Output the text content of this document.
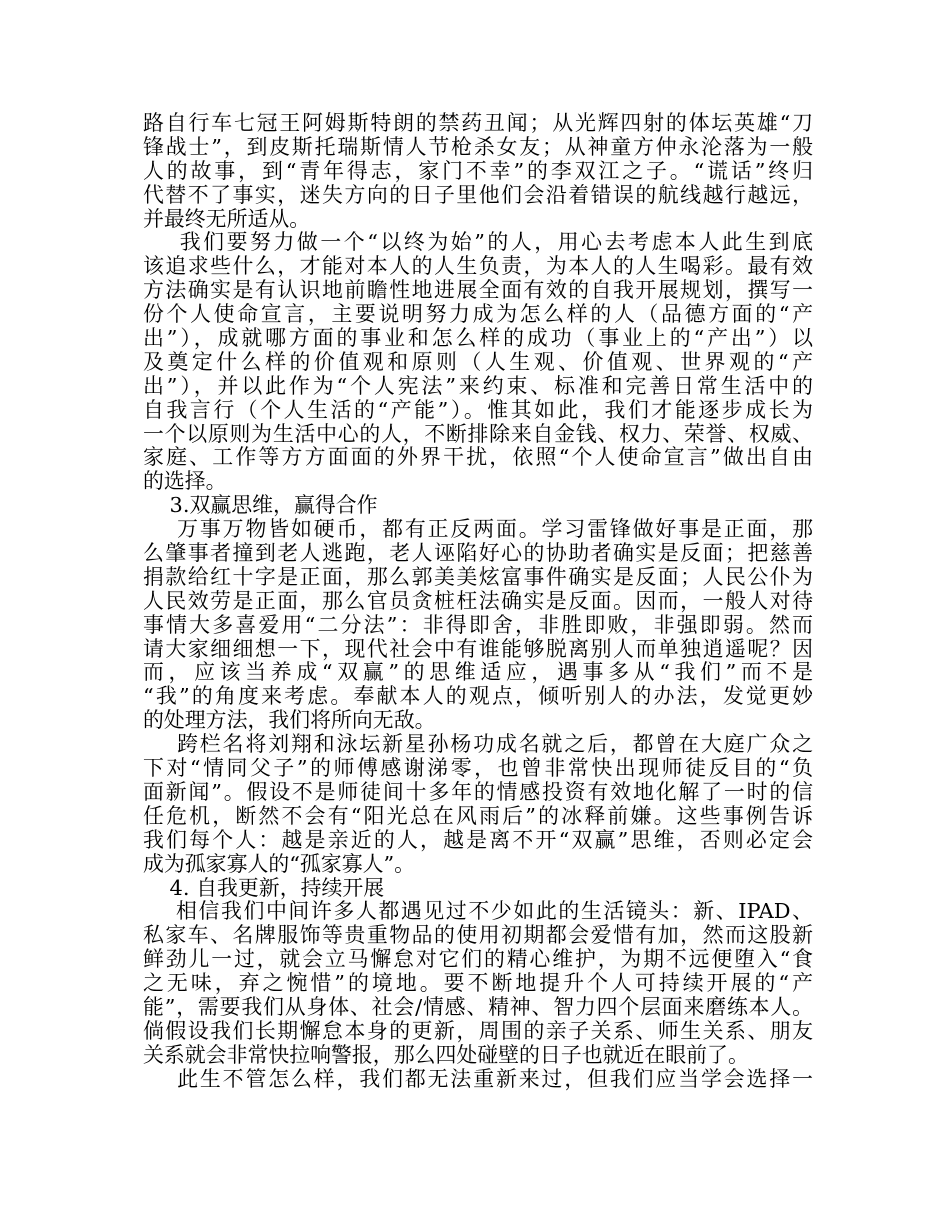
路自行车七冠王阿姆斯特朗的禁药丑闻；从光辉四射的体坛英雄“刀
锋战士”，到皮斯托瑞斯情人节枪杀女友；从神童方仲永沦落为一般
人的故事，到“青年得志，家门不幸”的李双江之子。“谎话”终归
代替不了事实，迷失方向的日子里他们会沿着错误的航线越行越远，
并最终无所适从。
我们要努力做一个“以终为始”的人，用心去考虑本人此生到底
该追求些什么，才能对本人的人生负责，为本人的人生喝彩。最有效
方法确实是有认识地前瞻性地进展全面有效的自我开展规划，撰写一
份个人使命宣言，主要说明努力成为怎么样的人（品德方面的“产
出”），成就哪方面的事业和怎么样的成功（事业上的“产出”）以
及奠定什么样的价值观和原则（人生观、价值观、世界观的“产
出”），并以此作为“个人宪法”来约束、标准和完善日常生活中的
自我言行（个人生活的“产能”）。惟其如此，我们才能逐步成长为
一个以原则为生活中心的人，不断排除来自金钱、权力、荣誉、权威、
家庭、工作等方方面面的外界干扰，依照“个人使命宣言”做出自由
的选择。
3.双赢思维，赢得合作
万事万物皆如硬币，都有正反两面。学习雷锋做好事是正面，那
么肇事者撞到老人逃跑，老人诬陷好心的协助者确实是反面；把慈善
捐款给红十字是正面，那么郭美美炫富事件确实是反面；人民公仆为
人民效劳是正面，那么官员贪桩枉法确实是反面。因而，一般人对待
事情大多喜爱用“二分法”：非得即舍，非胜即败，非强即弱。然而
请大家细细想一下，现代社会中有谁能够脱离别人而单独逍遥呢？因
而，应该当养成“双赢”的思维适应，遇事多从“我们”而不是
“我”的角度来考虑。奉献本人的观点，倾听别人的办法，发觉更妙
的处理方法，我们将所向无敌。
跨栏名将刘翔和泳坛新星孙杨功成名就之后，都曾在大庭广众之
下对“情同父子”的师傅感谢涕零，也曾非常快出现师徒反目的“负
面新闻”。假设不是师徒间十多年的情感投资有效地化解了一时的信
任危机，断然不会有“阳光总在风雨后”的冰释前嫌。这些事例告诉
我们每个人：越是亲近的人，越是离不开“双赢”思维，否则必定会
成为孤家寡人的“孤家寡人”。
4. 自我更新，持续开展
相信我们中间许多人都遇见过不少如此的生活镜头：新、IPAD、
私家车、名牌服饰等贵重物品的使用初期都会爱惜有加，然而这股新
鲜劲儿一过，就会立马懈怠对它们的精心维护，为期不远便堕入“食
之无味，弃之惋惜”的境地。要不断地提升个人可持续开展的“产
能”，需要我们从身体、社会/情感、精神、智力四个层面来磨练本人。
倘假设我们长期懈怠本身的更新，周围的亲子关系、师生关系、朋友
关系就会非常快拉响警报，那么四处碰壁的日子也就近在眼前了。
此生不管怎么样，我们都无法重新来过，但我们应当学会选择一
